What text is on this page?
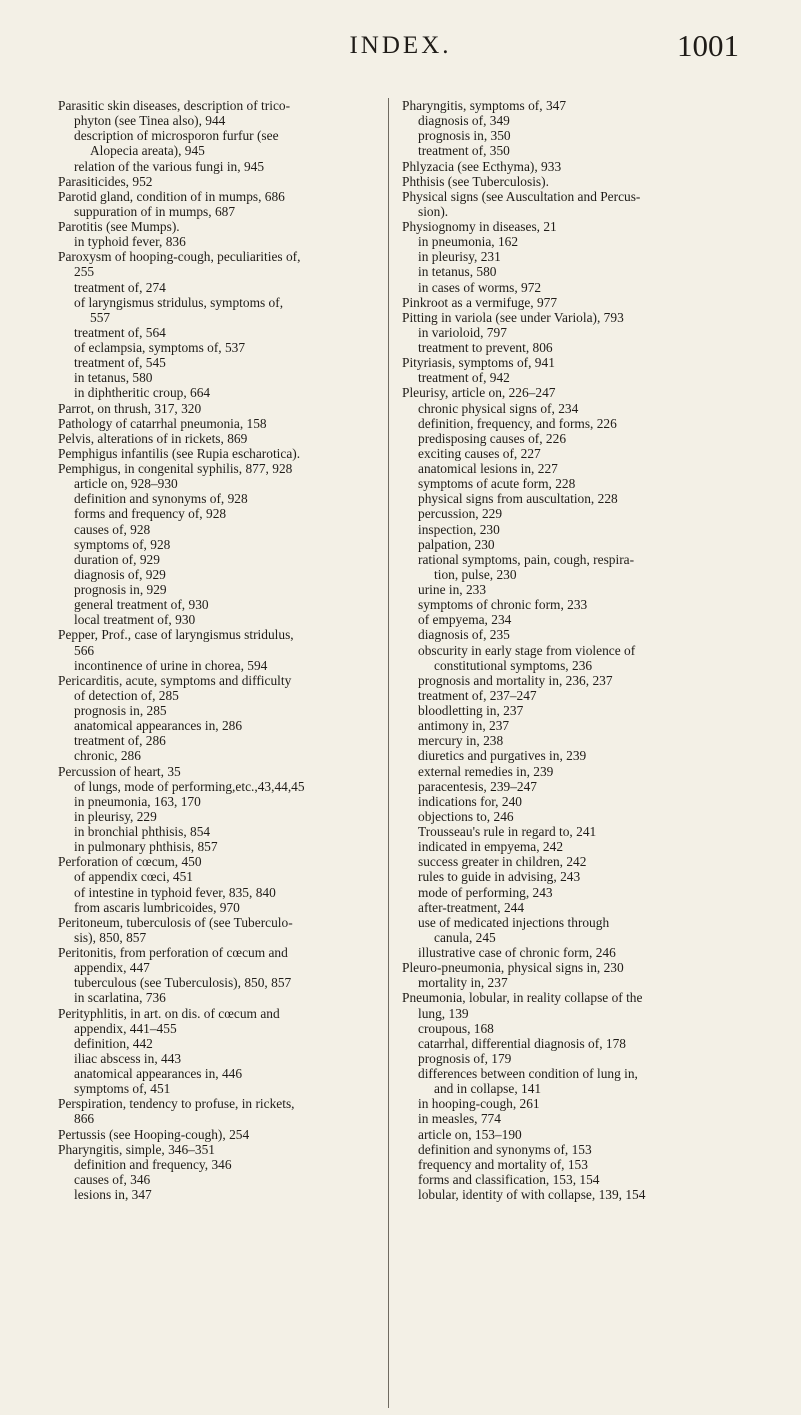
INDEX.	1001
Parasitic skin diseases, description of trico-
phyton (see Tinea also), 944
description of microsporon furfur (see
Alopecia areata), 945
relation of the various fungi in, 945
Parasiticides, 952
Parotid gland, condition of in mumps, 686
suppuration of in mumps, 687
Parotitis (see Mumps).
in typhoid fever, 836
Paroxysm of hooping-cough, peculiarities of,
255
treatment of, 274
of laryngismus stridulus, symptoms of,
557
treatment of, 564
of eclampsia, symptoms of, 537
treatment of, 545
in tetanus, 580
in diphtheritic croup, 664
Parrot, on thrush, 317, 320
Pathology of catarrhal pneumonia, 158
Pelvis, alterations of in rickets, 869
Pemphigus infantilis (see Rupia escharotica).
Pemphigus, in congenital syphilis, 877, 928
article on, 928–930
definition and synonyms of, 928
forms and frequency of, 928
causes of, 928
symptoms of, 928
duration of, 929
diagnosis of, 929
prognosis in, 929
general treatment of, 930
local treatment of, 930
Pepper, Prof., case of laryngismus stridulus,
566
incontinence of urine in chorea, 594
Pericarditis, acute, symptoms and difficulty
of detection of, 285
prognosis in, 285
anatomical appearances in, 286
treatment of, 286
chronic, 286
Percussion of heart, 35
of lungs, mode of performing,etc.,43,44,45
in pneumonia, 163, 170
in pleurisy, 229
in bronchial phthisis, 854
in pulmonary phthisis, 857
Perforation of cœcum, 450
of appendix cœci, 451
of intestine in typhoid fever, 835, 840
from ascaris lumbricoides, 970
Peritoneum, tuberculosis of (see Tuberculo-
sis), 850, 857
Peritonitis, from perforation of cœcum and
appendix, 447
tuberculous (see Tuberculosis), 850, 857
in scarlatina, 736
Perityphlitis, in art. on dis. of cœcum and
appendix, 441–455
definition, 442
iliac abscess in, 443
anatomical appearances in, 446
symptoms of, 451
Perspiration, tendency to profuse, in rickets,
866
Pertussis (see Hooping-cough), 254
Pharyngitis, simple, 346–351
definition and frequency, 346
causes of, 346
lesions in, 347
Pharyngitis, symptoms of, 347
diagnosis of, 349
prognosis in, 350
treatment of, 350
Phlyzacia (see Ecthyma), 933
Phthisis (see Tuberculosis).
Physical signs (see Auscultation and Percus-
sion).
Physiognomy in diseases, 21
in pneumonia, 162
in pleurisy, 231
in tetanus, 580
in cases of worms, 972
Pinkroot as a vermifuge, 977
Pitting in variola (see under Variola), 793
in varioloid, 797
treatment to prevent, 806
Pityriasis, symptoms of, 941
treatment of, 942
Pleurisy, article on, 226–247
chronic physical signs of, 234
definition, frequency, and forms, 226
predisposing causes of, 226
exciting causes of, 227
anatomical lesions in, 227
symptoms of acute form, 228
physical signs from auscultation, 228
percussion, 229
inspection, 230
palpation, 230
rational symptoms, pain, cough, respira-
tion, pulse, 230
urine in, 233
symptoms of chronic form, 233
of empyema, 234
diagnosis of, 235
obscurity in early stage from violence of
constitutional symptoms, 236
prognosis and mortality in, 236, 237
treatment of, 237–247
bloodletting in, 237
antimony in, 237
mercury in, 238
diuretics and purgatives in, 239
external remedies in, 239
paracentesis, 239–247
indications for, 240
objections to, 246
Trousseau's rule in regard to, 241
indicated in empyema, 242
success greater in children, 242
rules to guide in advising, 243
mode of performing, 243
after-treatment, 244
use of medicated injections through
canula, 245
illustrative case of chronic form, 246
Pleuro-pneumonia, physical signs in, 230
mortality in, 237
Pneumonia, lobular, in reality collapse of the
lung, 139
croupous, 168
catarrhal, differential diagnosis of, 178
prognosis of, 179
differences between condition of lung in,
and in collapse, 141
in hooping-cough, 261
in measles, 774
article on, 153–190
definition and synonyms of, 153
frequency and mortality of, 153
forms and classification, 153, 154
lobular, identity of with collapse, 139, 154
